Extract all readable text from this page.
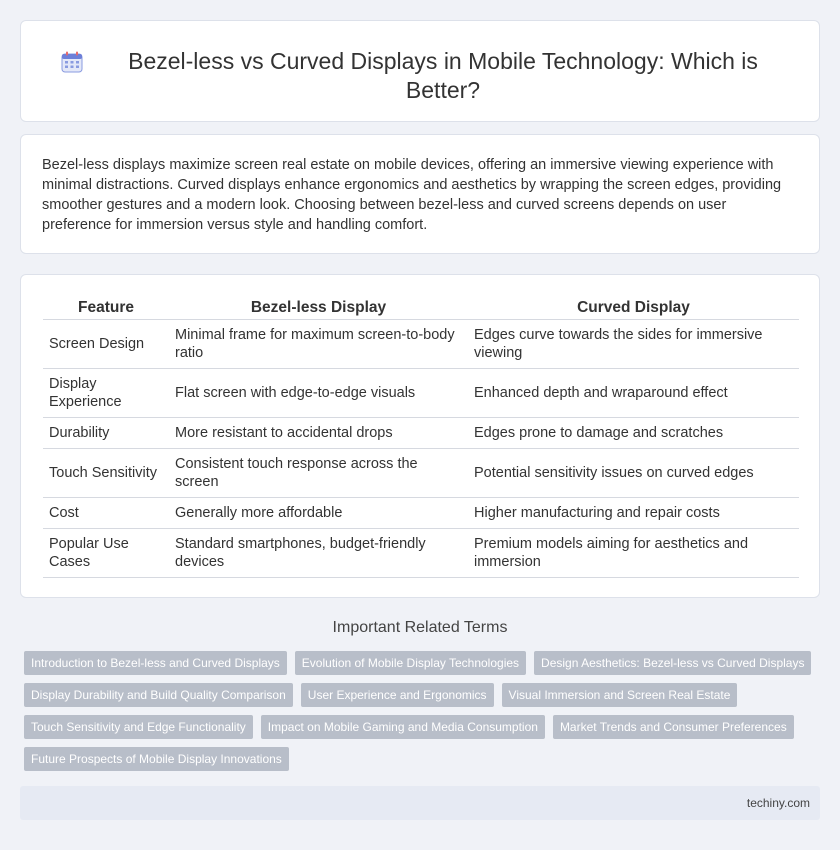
Bezel-less vs Curved Displays in Mobile Technology: Which is Better?

Bezel-less displays maximize screen real estate on mobile devices, offering an immersive viewing experience with minimal distractions. Curved displays enhance ergonomics and aesthetics by wrapping the screen edges, providing smoother gestures and a modern look. Choosing between bezel-less and curved screens depends on user preference for immersion versus style and handling comfort.

Feature	Bezel-less Display	Curved Display
Screen Design	Minimal frame for maximum screen-to-body ratio	Edges curve towards the sides for immersive viewing
Display Experience	Flat screen with edge-to-edge visuals	Enhanced depth and wraparound effect
Durability	More resistant to accidental drops	Edges prone to damage and scratches
Touch Sensitivity	Consistent touch response across the screen	Potential sensitivity issues on curved edges
Cost	Generally more affordable	Higher manufacturing and repair costs
Popular Use Cases	Standard smartphones, budget-friendly devices	Premium models aiming for aesthetics and immersion
Important Related Terms
Introduction to Bezel-less and Curved Displays	Evolution of Mobile Display Technologies	Design Aesthetics: Bezel-less vs Curved Displays
Display Durability and Build Quality Comparison	User Experience and Ergonomics	Visual Immersion and Screen Real Estate
Touch Sensitivity and Edge Functionality	Impact on Mobile Gaming and Media Consumption	Market Trends and Consumer Preferences
Future Prospects of Mobile Display Innovations
techiny.com
